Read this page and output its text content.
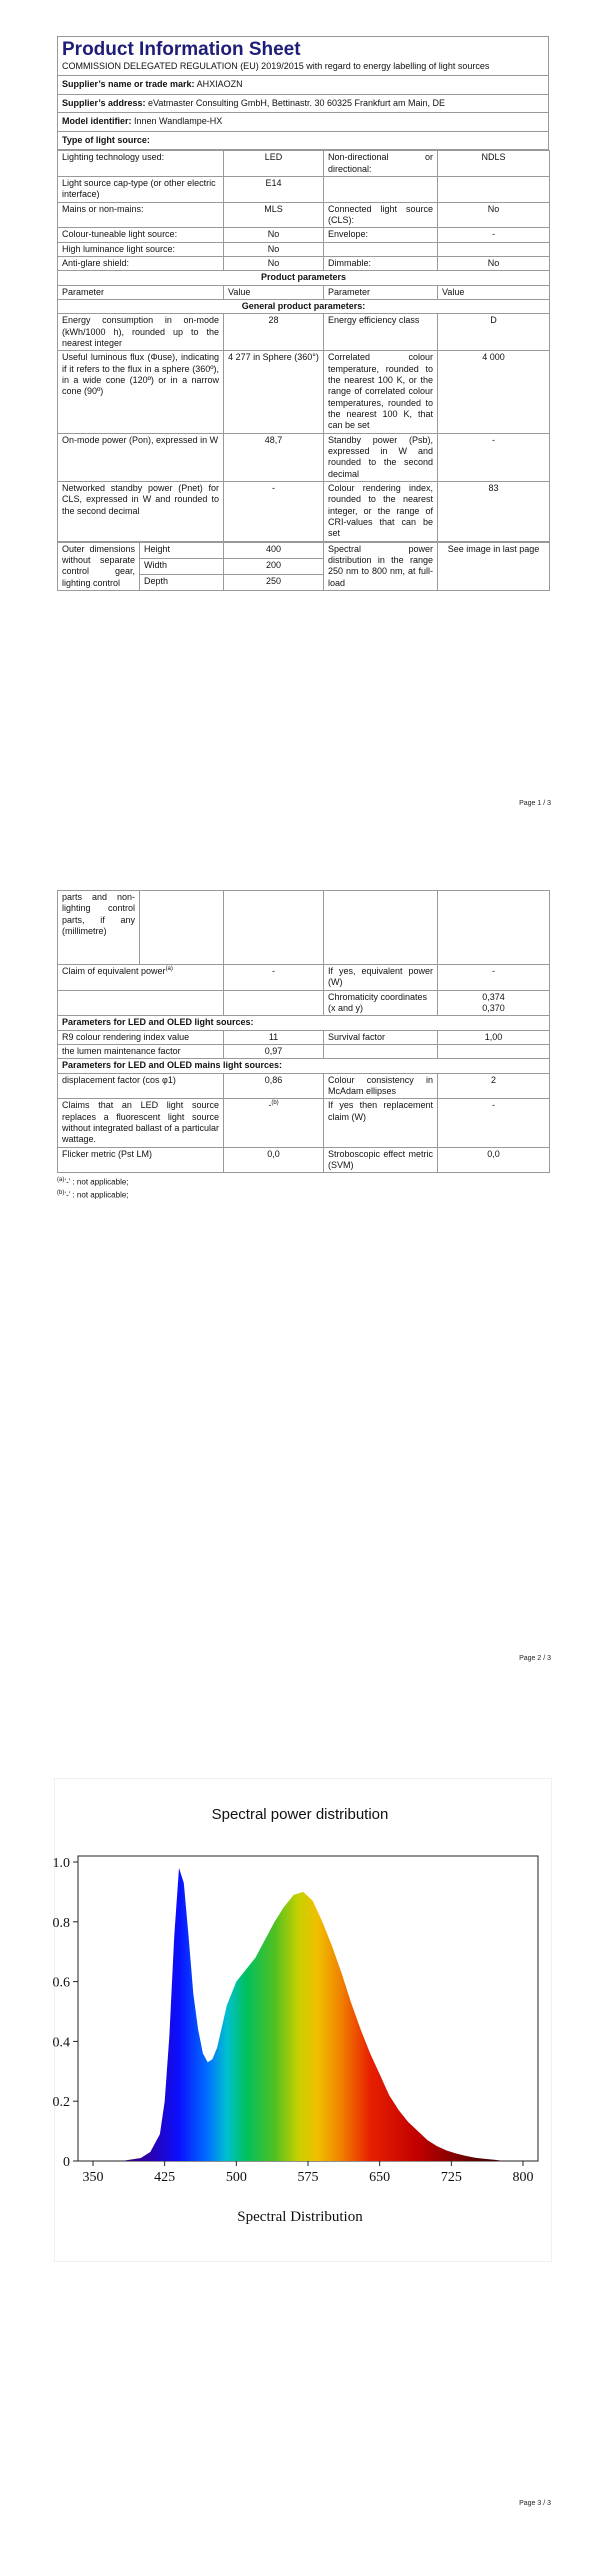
Product Information Sheet
COMMISSION DELEGATED REGULATION (EU) 2019/2015 with regard to energy labelling of light sources
Supplier’s name or trade mark: AHXIAOZN
Supplier’s address: eVatmaster Consulting GmbH, Bettinastr. 30 60325 Frankfurt am Main, DE
Model identifier: Innen Wandlampe-HX
Type of light source:
Lighting technology used:	LED	Non-directional or directional:	NDLS
Light source cap-type (or other electric interface)	E14		
Mains or non-mains:	MLS	Connected light source (CLS):	No
Colour-tuneable light source:	No	Envelope:	-
High luminance light source:	No		
Anti-glare shield:	No	Dimmable:	No
Product parameters			
Parameter	Value	Parameter	Value
General product parameters:			
Energy consumption in on-mode (kWh/1000 h), rounded up to the nearest integer	28	Energy efficiency class	D
Useful luminous flux (Φuse), indicating if it refers to the flux in a sphere (360º), in a wide cone (120º) or in a narrow cone (90º)	4 277 in Sphere (360°)	Correlated colour temperature, rounded to the nearest 100 K, or the range of correlated colour temperatures, rounded to the nearest 100 K, that can be set	4 000
On-mode power (Pon), expressed in W	48,7	Standby power (Psb), expressed in W and rounded to the second decimal	-
Networked standby power (Pnet) for CLS, expressed in W and rounded to the second decimal	-	Colour rendering index, rounded to the nearest integer, or the range of CRI-values that can be set	83
Outer dimensions without separate control gear, lighting control	Height	400	Spectral power distribution in the range 250 nm to 800 nm, at full-load	See image in last page
	Width	200		
	Depth	250		
Page 1 / 3
parts and non-lighting control parts, if any (millimetre)				
Claim of equivalent power$^{(a)}$		-	If yes, equivalent power (W)	-
			Chromaticity coordinates (x and y)	0,374
0,370

Parameters for LED and OLED light sources:				
R9 colour rendering index value		11	Survival factor	1,00
the lumen maintenance factor		0,97		
Parameters for LED and OLED mains light sources:				
displacement factor (cos φ1)		0,86	Colour consistency in McAdam ellipses	2
Claims that an LED light source replaces a fluorescent light source without integrated ballast of a particular wattage.		-$^{(b)}$	If yes then replacement claim (W)	-
Flicker metric (Pst LM)		0,0	Stroboscopic effect metric (SVM)	0,0
$^{(a)}$‘-’ : not applicable;
$^{(b)}$‘-’ : not applicable;
Page 2 / 3
Page 3 / 3
Spectral power distribution
350	425	500	575	650	725	800
0
0.2
0.4
0.6
0.8
1.0
Spectral Distribution
